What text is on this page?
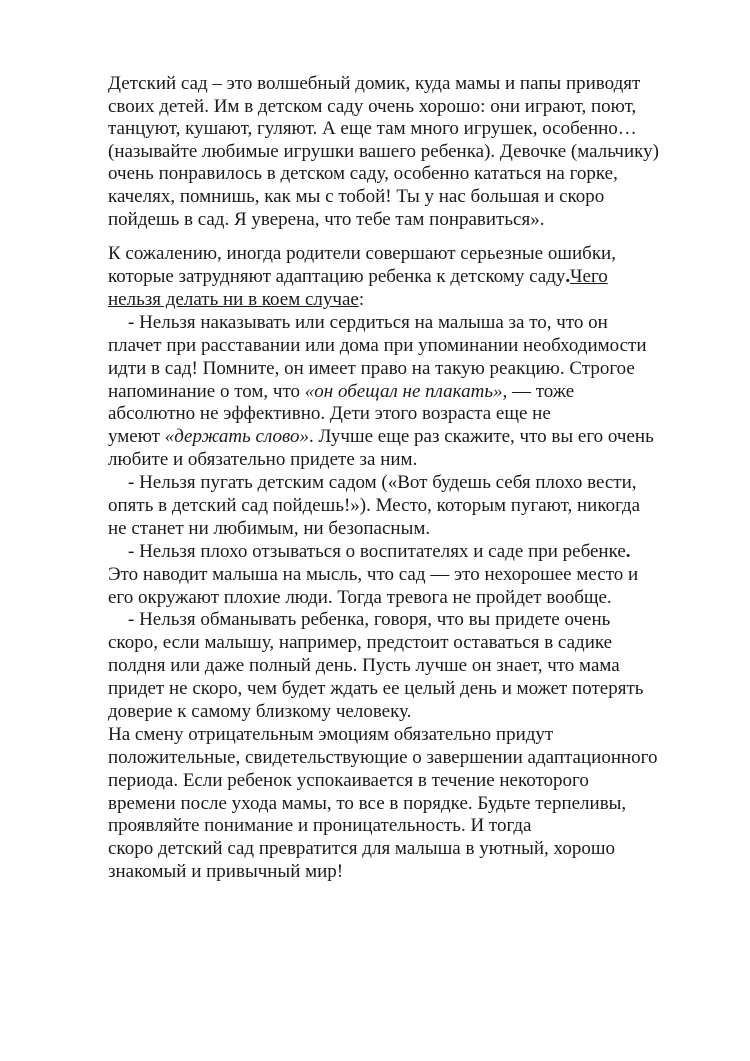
Детский сад – это волшебный домик, куда мамы и папы приводят
своих детей. Им в детском саду очень хорошо: они играют, поют,
танцуют, кушают, гуляют. А еще там много игрушек, особенно…
(называйте любимые игрушки вашего ребенка). Девочке (мальчику)
очень понравилось в детском саду, особенно кататься на горке,
качелях, помнишь, как мы с тобой! Ты у нас большая и скоро
пойдешь в сад. Я уверена, что тебе там понравиться».
К сожалению, иногда родители совершают серьезные ошибки,
которые затрудняют адаптацию ребенка к детскому саду.Чего
нельзя делать ни в коем случае:
- Нельзя наказывать или сердиться на малыша за то, что он
плачет при расставании или дома при упоминании необходимости
идти в сад! Помните, он имеет право на такую реакцию. Строгое
напоминание о том, что «он обещал не плакать», — тоже
абсолютно не эффективно. Дети этого возраста еще не
умеют «держать слово». Лучше еще раз скажите, что вы его очень
любите и обязательно придете за ним.
- Нельзя пугать детским садом («Вот будешь себя плохо вести,
опять в детский сад пойдешь!»). Место, которым пугают, никогда
не станет ни любимым, ни безопасным.
- Нельзя плохо отзываться о воспитателях и саде при ребенке.
Это наводит малыша на мысль, что сад — это нехорошее место и
его окружают плохие люди. Тогда тревога не пройдет вообще.
- Нельзя обманывать ребенка, говоря, что вы придете очень
скоро, если малышу, например, предстоит оставаться в садике
полдня или даже полный день. Пусть лучше он знает, что мама
придет не скоро, чем будет ждать ее целый день и может потерять
доверие к самому близкому человеку.
На смену отрицательным эмоциям обязательно придут
положительные, свидетельствующие о завершении адаптационного
периода. Если ребенок успокаивается в течение некоторого
времени после ухода мамы, то все в порядке. Будьте терпеливы,
проявляйте понимание и проницательность. И тогда
скоро детский сад превратится для малыша в уютный, хорошо
знакомый и привычный мир!
